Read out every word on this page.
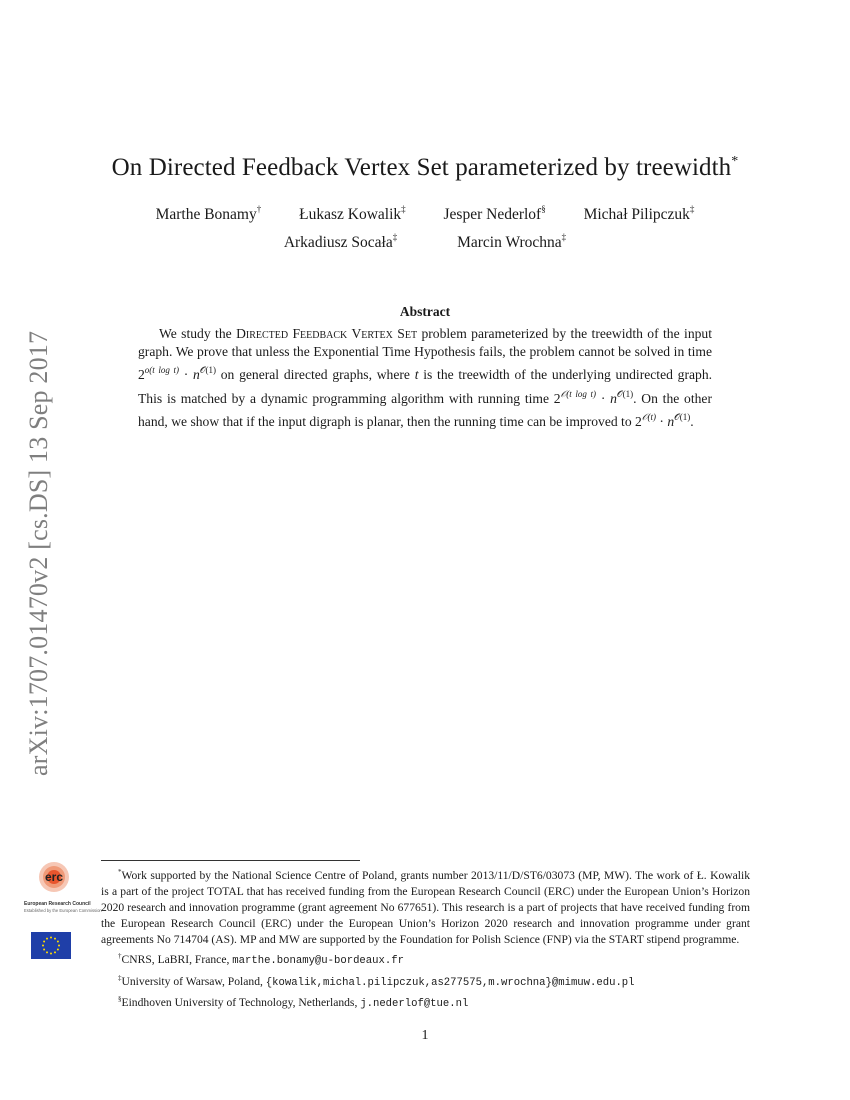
arXiv:1707.01470v2 [cs.DS] 13 Sep 2017
On Directed Feedback Vertex Set parameterized by treewidth*
Marthe Bonamy† Łukasz Kowalik‡ Jesper Nederlof§ Michał Pilipczuk‡
Arkadiusz Socała‡	Marcin Wrochna‡
Abstract

We study the Directed Feedback Vertex Set problem parameterized by the treewidth of the input graph. We prove that unless the Exponential Time Hypothesis fails, the problem cannot be solved in time $2^{o(t log t)} \cdot n^{𝒪(1)}$ on general directed graphs, where t is the treewidth of the underlying undirected graph. This is matched by a dynamic programming algorithm with running time $2^{𝒪(t log t)} \cdot n^{𝒪(1)}$. On the other hand, we show that if the input digraph is planar, then the running time can be improved to $2^{𝒪(t)} \cdot n^{𝒪(1)}$.

erc
European Research Council
Established by the European Commission

*Work supported by the National Science Centre of Poland, grants number 2013/11/D/ST6/03073 (MP, MW). The work of Ł. Kowalik is a part of the project TOTAL that has received funding from the European Research Council (ERC) under the European Union’s Horizon 2020 research and innovation programme (grant agreement No 677651). This research is a part of projects that have received funding from the European Research Council (ERC) under the European Union’s Horizon 2020 research and innovation programme under grant agreements No 714704 (AS). MP and MW are supported by the Foundation for Polish Science (FNP) via the START stipend programme.

†CNRS, LaBRI, France, marthe.bonamy@u-bordeaux.fr

‡University of Warsaw, Poland, {kowalik,michal.pilipczuk,as277575,m.wrochna}@mimuw.edu.pl

§Eindhoven University of Technology, Netherlands, j.nederlof@tue.nl

1
